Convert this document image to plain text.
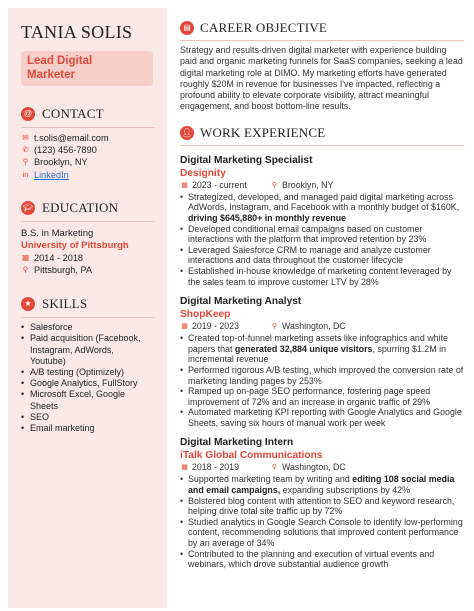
TANIA SOLIS
Lead Digital
Marketer
@ CONTACT
✉ t.solis@email.com
✆ (123) 456-7890
⚲ Brooklyn, NY
in LinkedIn
🎓︎ EDUCATION
B.S. in Marketing
University of Pittsburgh
▦ 2014 - 2018
⚲ Pittsburgh, PA
★ SKILLS
• Salesforce
• Paid acquisition (Facebook, Instagram, AdWords, Youtube)
• A/B testing (Optimizely)
• Google Analytics, FullStory
• Microsoft Excel, Google Sheets
• SEO
• Email marketing
▤ CAREER OBJECTIVE

Strategy and results-driven digital marketer with experience building paid and organic marketing funnels for SaaS companies, seeking a lead digital marketing role at DIMO. My marketing efforts have generated roughly $20M in revenue for businesses I've impacted, reflecting a profound ability to elevate corporate visibility, attract meaningful engagement, and boost bottom-line results.

👤︎ WORK EXPERIENCE
Digital Marketing Specialist
Designity
▦ 2023 - current	⚲ Brooklyn, NY
• Strategized, developed, and managed paid digital marketing across AdWords, Instagram, and Facebook with a monthly budget of $160K, driving $645,880+ in monthly revenue
• Developed conditional email campaigns based on customer interactions with the platform that improved retention by 23%
• Leveraged Salesforce CRM to manage and analyze customer interactions and data throughout the customer lifecycle
• Established in-house knowledge of marketing content leveraged by the sales team to improve customer LTV by 28%
Digital Marketing Analyst
ShopKeep
▦ 2019 - 2023	⚲ Washington, DC
• Created top-of-funnel marketing assets like infographics and white papers that generated 32,884 unique visitors, spurring $1.2M in incremental revenue
• Performed rigorous A/B testing, which improved the conversion rate of marketing landing pages by 253%
• Ramped up on-page SEO performance, fostering page speed improvement of 72% and an increase in organic traffic of 29%
• Automated marketing KPI reporting with Google Analytics and Google Sheets, saving six hours of manual work per week
Digital Marketing Intern
iTalk Global Communications
▦ 2018 - 2019	⚲ Washington, DC
• Supported marketing team by writing and editing 108 social media and email campaigns, expanding subscriptions by 42%
• Bolstered blog content with attention to SEO and keyword research, helping drive total site traffic up by 72%
• Studied analytics in Google Search Console to identify low-performing content, recommending solutions that improved content performance by an average of 34%
• Contributed to the planning and execution of virtual events and webinars, which drove substantial audience growth
